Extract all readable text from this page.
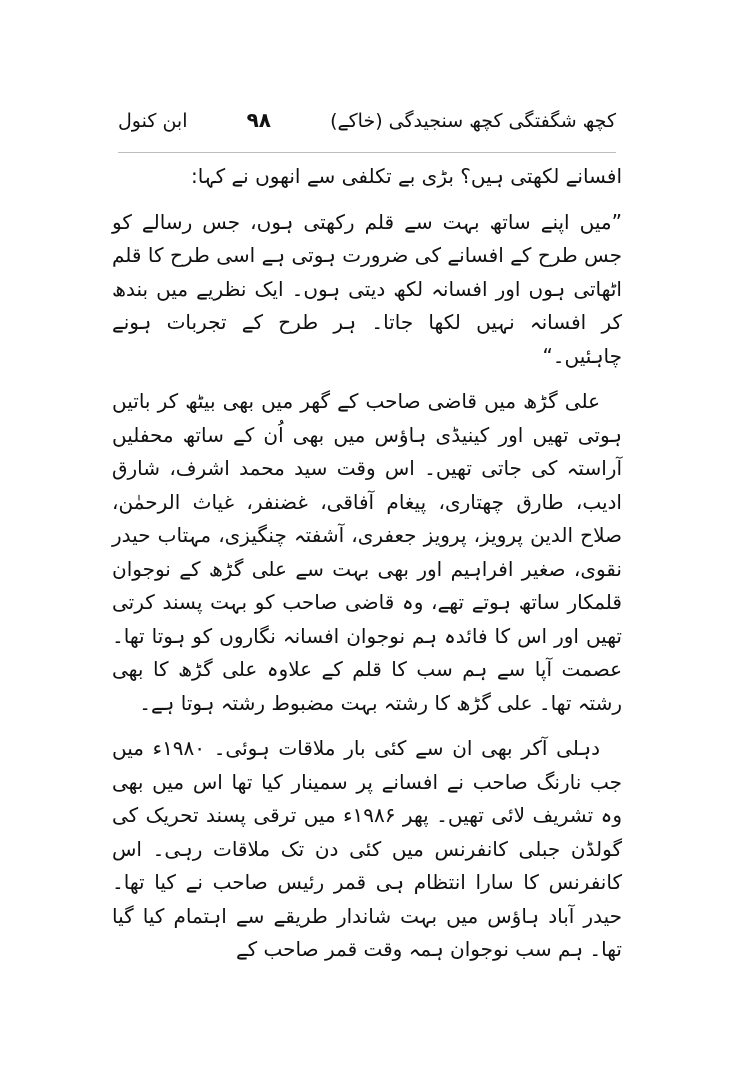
کچھ شگفتگی کچھ سنجیدگی (خاکے)
۹۸
ابن کنول

افسانے لکھتی ہیں؟ بڑی بے تکلفی سے انھوں نے کہا:

”میں اپنے ساتھ بہت سے قلم رکھتی ہوں، جس رسالے کو جس طرح کے افسانے کی ضرورت ہوتی ہے اسی طرح کا قلم اٹھاتی ہوں اور افسانہ لکھ دیتی ہوں۔ ایک نظریے میں بندھ کر افسانہ نہیں لکھا جاتا۔ ہر طرح کے تجربات ہونے چاہئیں۔“

علی گڑھ میں قاضی صاحب کے گھر میں بھی بیٹھ کر باتیں ہوتی تھیں اور کینیڈی ہاؤس میں بھی اُن کے ساتھ محفلیں آراستہ کی جاتی تھیں۔ اس وقت سید محمد اشرف، شارق ادیب، طارق چھتاری، پیغام آفاقی، غضنفر، غیاث الرحمٰن، صلاح الدین پرویز، پرویز جعفری، آشفتہ چنگیزی، مہتاب حیدر نقوی، صغیر افراہیم اور بھی بہت سے علی گڑھ کے نوجوان قلمکار ساتھ ہوتے تھے، وہ قاضی صاحب کو بہت پسند کرتی تھیں اور اس کا فائدہ ہم نوجوان افسانہ نگاروں کو ہوتا تھا۔ عصمت آپا سے ہم سب کا قلم کے علاوہ علی گڑھ کا بھی رشتہ تھا۔ علی گڑھ کا رشتہ بہت مضبوط رشتہ ہوتا ہے۔

دہلی آکر بھی ان سے کئی بار ملاقات ہوئی۔ ۱۹۸۰ء میں جب نارنگ صاحب نے افسانے پر سمینار کیا تھا اس میں بھی وہ تشریف لائی تھیں۔ پھر ۱۹۸۶ء میں ترقی پسند تحریک کی گولڈن جبلی کانفرنس میں کئی دن تک ملاقات رہی۔ اس کانفرنس کا سارا انتظام ہی قمر رئیس صاحب نے کیا تھا۔ حیدر آباد ہاؤس میں بہت شاندار طریقے سے اہتمام کیا گیا تھا۔ ہم سب نوجوان ہمہ وقت قمر صاحب کے
